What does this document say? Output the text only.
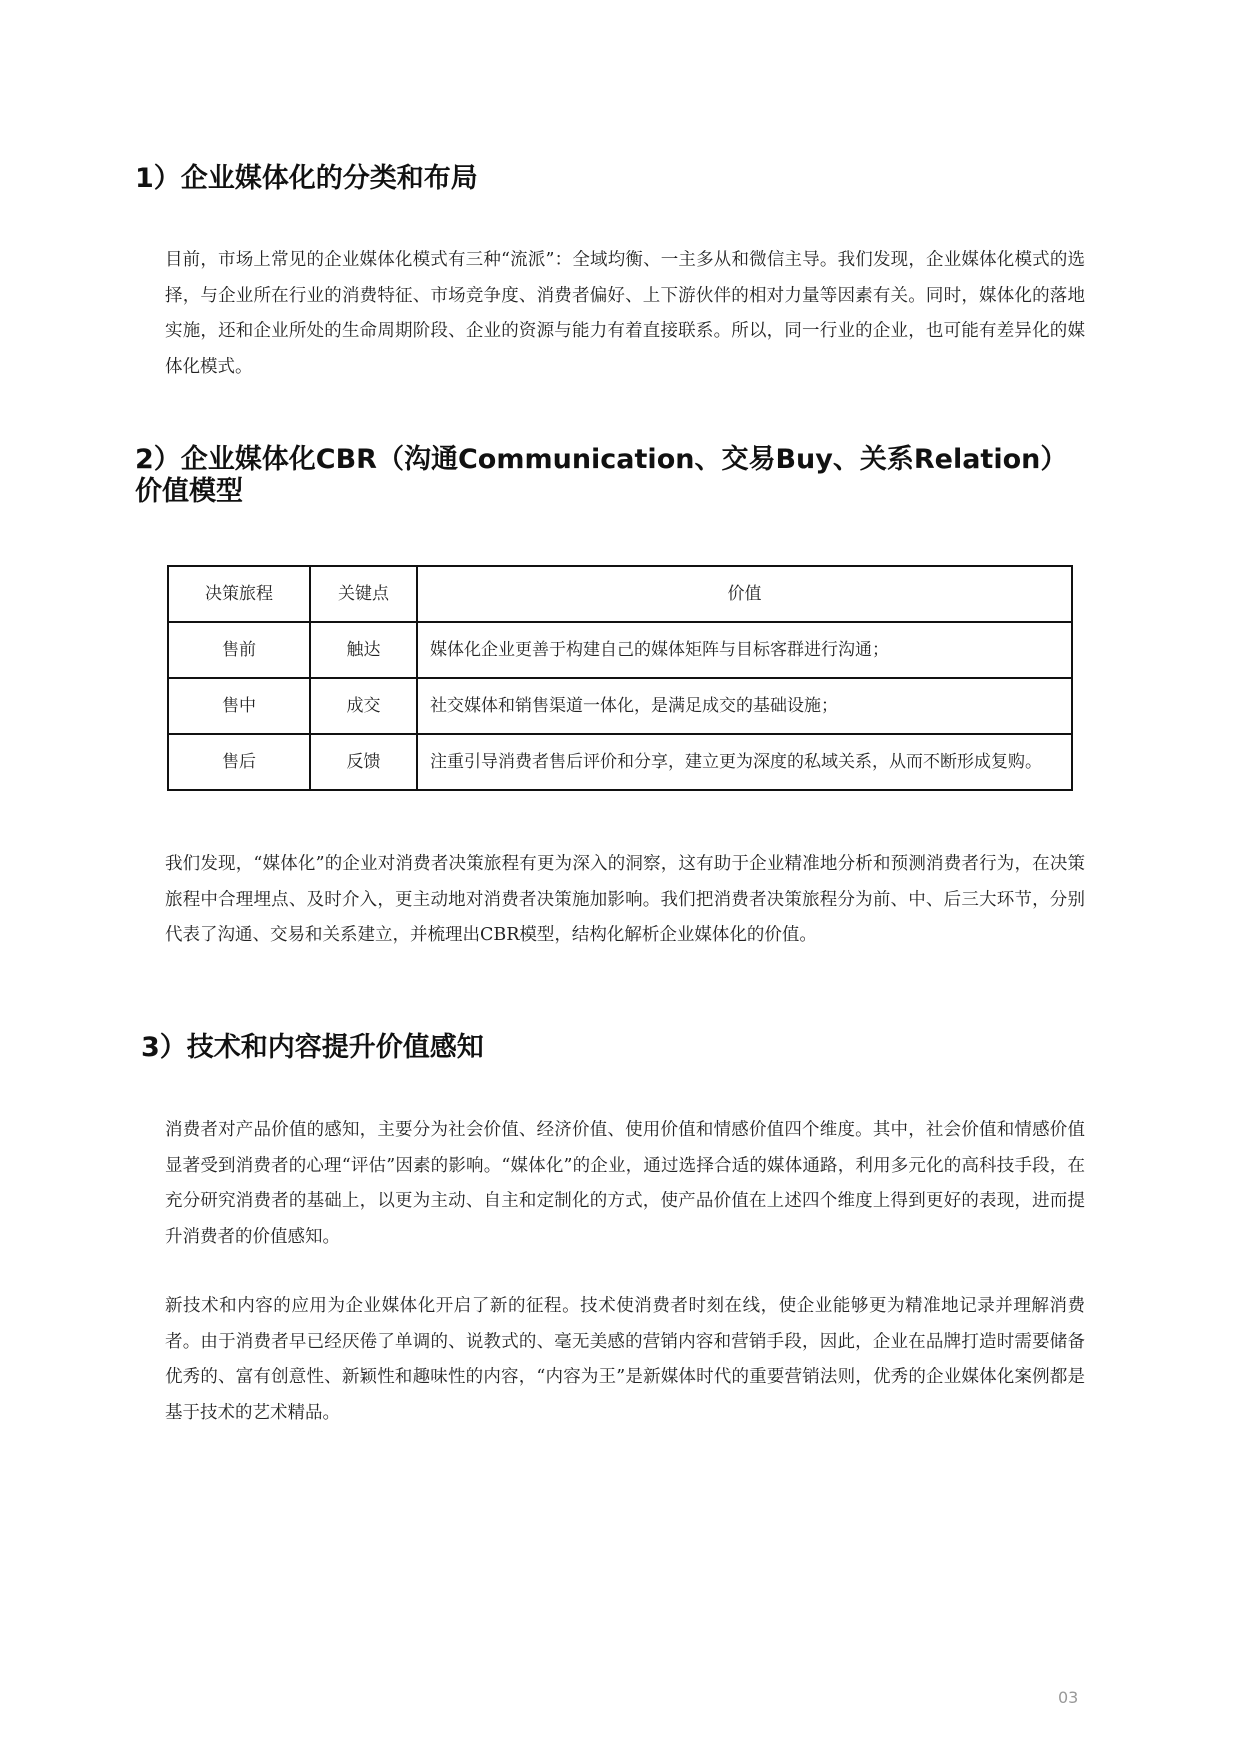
1）企业媒体化的分类和布局

目前，市场上常见的企业媒体化模式有三种“流派”：全域均衡、一主多从和微信主导。我们发现，企业媒体化模式的选择，与企业所在行业的消费特征、市场竞争度、消费者偏好、上下游伙伴的相对力量等因素有关。同时，媒体化的落地实施，还和企业所处的生命周期阶段、企业的资源与能力有着直接联系。所以，同一行业的企业，也可能有差异化的媒体化模式。

2）企业媒体化CBR（沟通Communication、交易Buy、关系Relation）价值模型
决策旅程	关键点	价值
售前	触达	媒体化企业更善于构建自己的媒体矩阵与目标客群进行沟通；
售中	成交	社交媒体和销售渠道一体化，是满足成交的基础设施；
售后	反馈	注重引导消费者售后评价和分享，建立更为深度的私域关系，从而不断形成复购。

我们发现，“媒体化”的企业对消费者决策旅程有更为深入的洞察，这有助于企业精准地分析和预测消费者行为，在决策旅程中合理埋点、及时介入，更主动地对消费者决策施加影响。我们把消费者决策旅程分为前、中、后三大环节，分别代表了沟通、交易和关系建立，并梳理出CBR模型，结构化解析企业媒体化的价值。

3）技术和内容提升价值感知

消费者对产品价值的感知，主要分为社会价值、经济价值、使用价值和情感价值四个维度。其中，社会价值和情感价值显著受到消费者的心理“评估”因素的影响。“媒体化”的企业，通过选择合适的媒体通路，利用多元化的高科技手段，在充分研究消费者的基础上，以更为主动、自主和定制化的方式，使产品价值在上述四个维度上得到更好的表现，进而提升消费者的价值感知。

新技术和内容的应用为企业媒体化开启了新的征程。技术使消费者时刻在线，使企业能够更为精准地记录并理解消费者。由于消费者早已经厌倦了单调的、说教式的、毫无美感的营销内容和营销手段，因此，企业在品牌打造时需要储备优秀的、富有创意性、新颖性和趣味性的内容，“内容为王”是新媒体时代的重要营销法则，优秀的企业媒体化案例都是基于技术的艺术精品。

03
